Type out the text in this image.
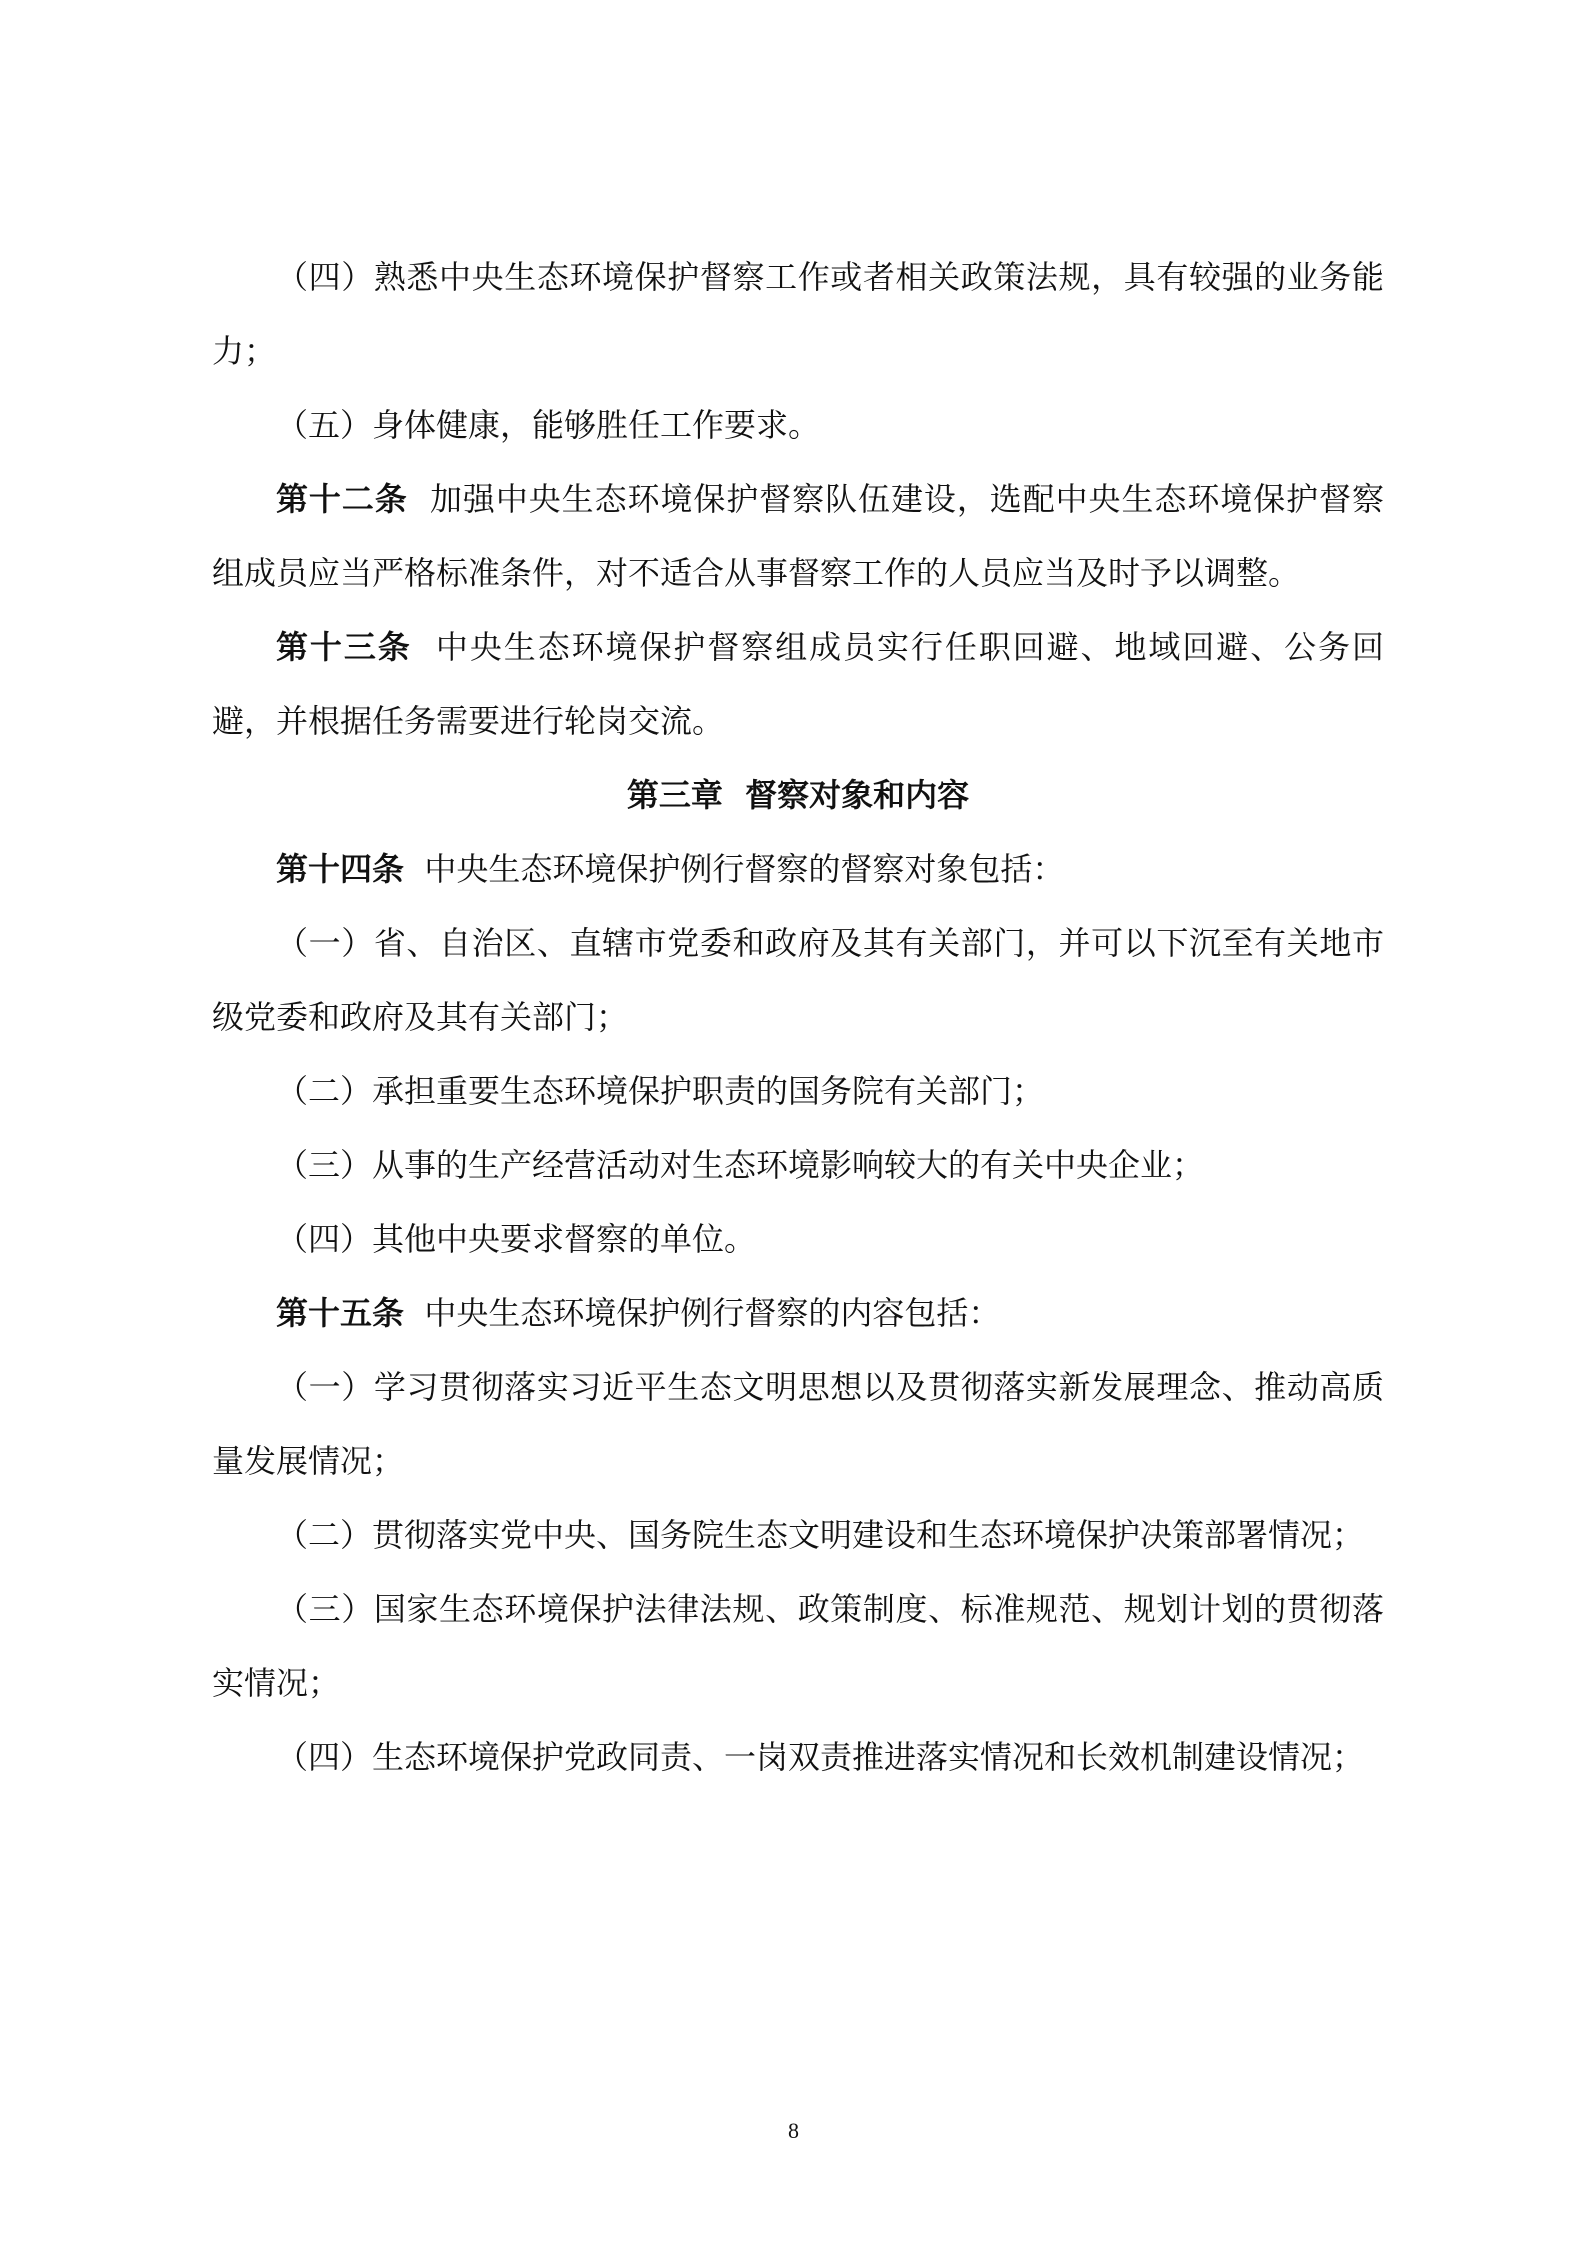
（四）熟悉中央生态环境保护督察工作或者相关政策法规，具有较强的业务能力；

（五）身体健康，能够胜任工作要求。

第十二条 加强中央生态环境保护督察队伍建设，选配中央生态环境保护督察组成员应当严格标准条件，对不适合从事督察工作的人员应当及时予以调整。

第十三条 中央生态环境保护督察组成员实行任职回避、地域回避、公务回避，并根据任务需要进行轮岗交流。

第三章  督察对象和内容

第十四条 中央生态环境保护例行督察的督察对象包括：

（一）省、自治区、直辖市党委和政府及其有关部门，并可以下沉至有关地市级党委和政府及其有关部门；

（二）承担重要生态环境保护职责的国务院有关部门；

（三）从事的生产经营活动对生态环境影响较大的有关中央企业；

（四）其他中央要求督察的单位。

第十五条 中央生态环境保护例行督察的内容包括：

（一）学习贯彻落实习近平生态文明思想以及贯彻落实新发展理念、推动高质量发展情况；

（二）贯彻落实党中央、国务院生态文明建设和生态环境保护决策部署情况；

（三）国家生态环境保护法律法规、政策制度、标准规范、规划计划的贯彻落实情况；

（四）生态环境保护党政同责、一岗双责推进落实情况和长效机制建设情况；

8
